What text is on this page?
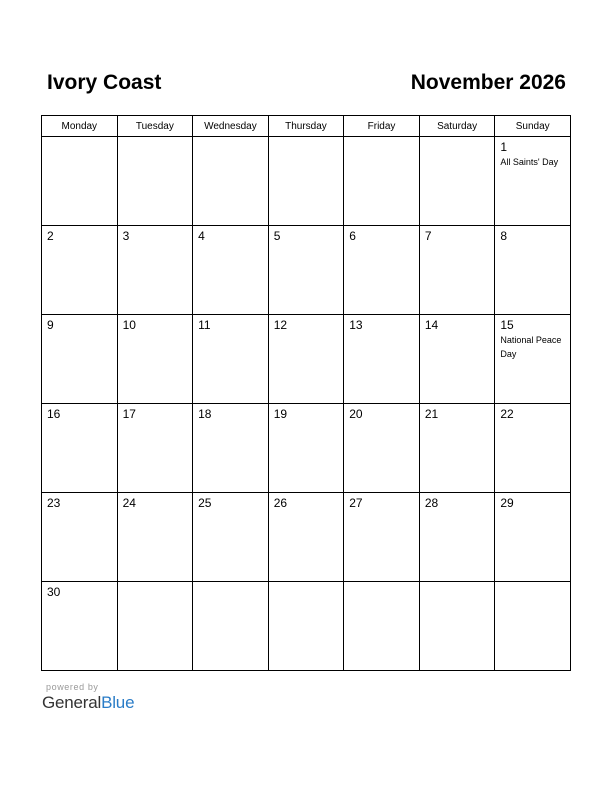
Ivory Coast	November 2026
Monday	Tuesday	Wednesday	Thursday	Friday	Saturday	Sunday

						1
All Saints' Day

2	3	4	5	6	7	8

9	10	11	12	13	14	15
National Peace Day

16	17	18	19	20	21	22

23	24	25	26	27	28	29

30						

powered by
GeneralBlue
